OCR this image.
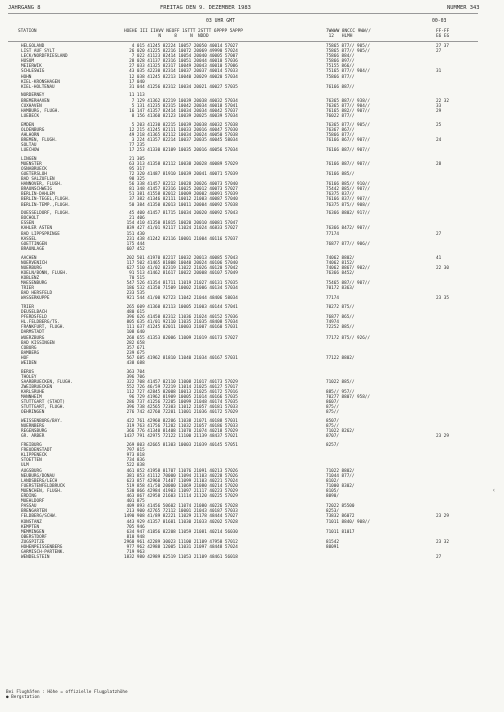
JAHRGANG 8	FREITAG DEN 9. DEZEMBER 1983	NUMMER 343
03 UHR GMT	00-03
STATION	HOEHE III IIHVV NEOFF 1STTT 2STTT 6PPPP 5APPP
N     8     N  NDDD
7WWWW 8NCCC 9WW//
12   HLMH
FF-FF
E6 EG
HELGOLAND	4 015 41245 82224 10057 20050 40014 57027	75865 877// 905//	27 37
LIST AUF SYLT	26 020 41225 82216 10072 20069 49990 57024	75865 877// 905//	27
LECK/NORDFRIESLAND	7 022 41123 82414 10054 20040 40005 57007	75866 884//
HUSUM	28 028 41137 82316 10051 20044 40010 57036	75866 897//
MEIERWIK	27 033 41325 82317 10049 20043 40010 57006	75155 866//
SCHLESWIG	43 035 42230 82314 10037 20037 40014 57033	75165 877// 904//	31
HOHN	12 038 41245 82213 10040 20029 40020 57034	75866 877//
KIEL-KRONSHAGEN	17 040
KIEL-HOLTENAU	31 044 41256 82312 10034 20021 40027 57035	76166 887//
NORDERNEY	11 113
BREMERHAVEN	7 129 41362 82219 10039 20038 40032 57034	76365 887// 938//	22 32
CUXHAVEN	5 131 41235 82315 10042 20034 40018 57041	76365 877// 904//	33
HAMBURG, FLUGH.	16 147 41357 82414 10034 20034 40042 57037	76165 882// 907//	29
LUEBECK	8 156 41360 82123 10039 20025 40039 57034	76022 877//
EMDEN	5 203 41230 82215 10039 20038 40032 57038	76365 877// 905//	25
OLDENBURG	12 215 41245 82111 10033 20016 40047 57030	76367 867//
AHLHORN	49 218 41365 82112 10034 20024 40050 57038	75866 877//
BREMEN, FLUGH.	3 224 41357 82214 10037 20035 40045 58034	76166 867// 907//	24
SOLTAU	77 235
LUECHOW	17 253 41330 82109 10035 20016 40056 57034	76166 887// 907//
LINGEN	21 305
MUENSTER	63 313 41358 82112 10038 20028 40089 57029	76166 887// 907//	28
OSNABRUECK	95 317
GUETERSLOH	72 320 41487 81910 10039 20041 40071 57039	76166 885//
BAD SALZUFLEN	98 325
HANNOVER, FLUGH.	56 338 41457 82212 10028 20026 40073 57040	76166 885// 910//
BRAUNSCHWEIG	81 348 41457 82316 10025 20012 40073 57027	75442 885// 907//
BERLIN-DAHLEM	51 381 41558 82012 10009 20002 40091 57039	76375 837//
BERLIN-TEGEL,FLUGH.	37 382 41346 82111 10012 21003 40087 57040	76166 837// 907//
BERLIN-TEMP.,FLUGH.	50 384 41350 82013 10011 20004 40092 57038	76375 875// 908//
DUESSELDORF, FLUGH.	45 400 41457 81715 10034 20020 40092 57043	76366 8802/ 917//
BOCHOLT	21 406
ESSEN	154 410 41350 81815 10020 20010 40081 57047
KAHLER ASTEN	839 427 41/01 92117 11024 21024 46833 57027	76366 8472/ 907//
BAD LIPPSPRINGE	151 430	77174	27
KASSEL	231 438 41242 82116 10001 21004 40116 57037
GOETTINGEN	175 444	76877 877// 906//
BRAUNLAGE	607 452
AACHEN	202 501 41970 82217 10032 20013 40085 57043	74062 8802/	41
NOERVENICH	117 502 41465 81808 10040 20024 40106 57040	74062 8152/
NUERBURG	627 510 41/02 82319 11022 21026 40120 57042	74062 8867/ 902//	22 30
KOELN/BONN, FLUGH.	91 513 41462 81617 10022 20008 40107 57049	76366 8452/
KOBLENZ	70 515
MAESENBURG	547 526 41354 81711 11019 21027 40131 57035	75465 887// 907//
TRIER	186 532 41350 71509 10002 21006 40134 57034	70172 8363/
BAD HERSFELD	233 535
WASSERKUPPE	921 544 41/00 92723 11042 21044 48406 58034	77174	23 35
TRIER	265 609 41360 82113 10005 21003 40144 57041	70272 875//
DEUSELBACH	480 615
PFERDSFELD	396 626 41450 82312 11036 21024 40152 57036	76877 865//
HL.FELDBERG/TS.	805 635 41/01 92110 11035 21035 48408 57034	74974
FRANKFURT, FLUGH.	111 637 41245 82011 10003 21007 40160 57031	72252 885//
DARMSTADT	108 640
WUERZBURG	268 655 41353 82006 11009 21019 40173 57027	77172 875// 926//
BAD KISSINGEN	282 658
COBURG	357 671
BAMBERG	239 675
HOF	567 685 41962 81810 11040 21034 40167 57031	77122 8802/
WEIDEN	438 688
BERUS	363 704
THOLEY	396 706
SAARBRUECKEN, FLUGH.	322 708 41457 82110 11008 21017 40173 57029	71022 885//
ZWEIBRUECKEN	552 726 46/59 72219 11014 21025 40127 57017
KARLSRUHE	112 727 42845 82008 10013 21025 40172 57016	885// 957//
MANNHEIM	96 729 41962 81909 10005 21014 40166 57035	70277 8807/ 958//
STUTTGART (STADT)	286 737 41256 72205 10099 21048 40174 57035	8607/
STUTTGART, FLUGH.	396 738 42565 72303 11012 21057 40181 57033	875//
OEHRINGEN	276 742 42760 72201 11001 21036 40172 57029	875//
WEISSENBURG/BAY.	422 761 42960 82206 11038 21071 40188 57031	8507/
NUERNBERG	319 763 41756 71202 11032 21057 40186 57033	875//
REGENSBURG	366 776 41340 81408 11070 21074 40218 57029	71022 8262/
GR. ARBER	1437 791 42975 72122 11100 21139 48437 57021	8707/	23 29
FREIBURG	269 803 42665 81303 10003 21039 40145 57051	8257/
FREUDENSTADT	797 815
KLIPPENECK	973 818
STOETTEN	734 836
ULM	522 838
AUGSBURG	461 852 41958 81707 11076 21091 40213 57026	71022 8802/
NEUBURG/DONAU	381 853 41112 70000 11094 21103 40228 57026	71044 877//
LANDSBERG/LECH	623 857 42960 71407 11099 21103 40221 57024	8102/
FUERSTENFELDBRUCK	519 858 41/50 20000 11069 21080 40214 57020	71000 8302/
MUENCHEN, FLUGH.	530 866 42984 41903 11097 21117 40223 57029	8105/
ERDING	463 867 42958 21603 11114 21120 40225 57029	8090/
MUEHLDORF	401 875
PASSAU	409 893 41456 50602 11074 21080 40226 57028	72022 85500
BRENGARTEN	213 900 42765 72112 10001 21043 40187 57033	8253/
FELDBERG/SCHW.	1490 908 41/89 82221 11029 21178 48444 57027	73832 86072	23 29
KONSTANZ	443 929 41357 81601 11030 21033 40202 57028	71011 8840/ 908//
KEMPTEN	705 946
MEMMINGEN	634 947 41856 82208 11059 21081 40214 56030	71011 81017
OBERSTDORF	810 948
ZUGSPITZE	2960 961 42289 30023 11100 21109 47958 57012	81542	23 32
HOHENPEISSENBERG	977 962 42988 12005 11031 21097 48448 57024	80091
GARMISCH-PARTENK.	719 963
WENDELSTEIN	1832 980 42989 02519 11053 21109 48461 56018	27
‹
Bei Flughäfen : Höhe = offizielle Flugplatzhöhe
● Bergstation
